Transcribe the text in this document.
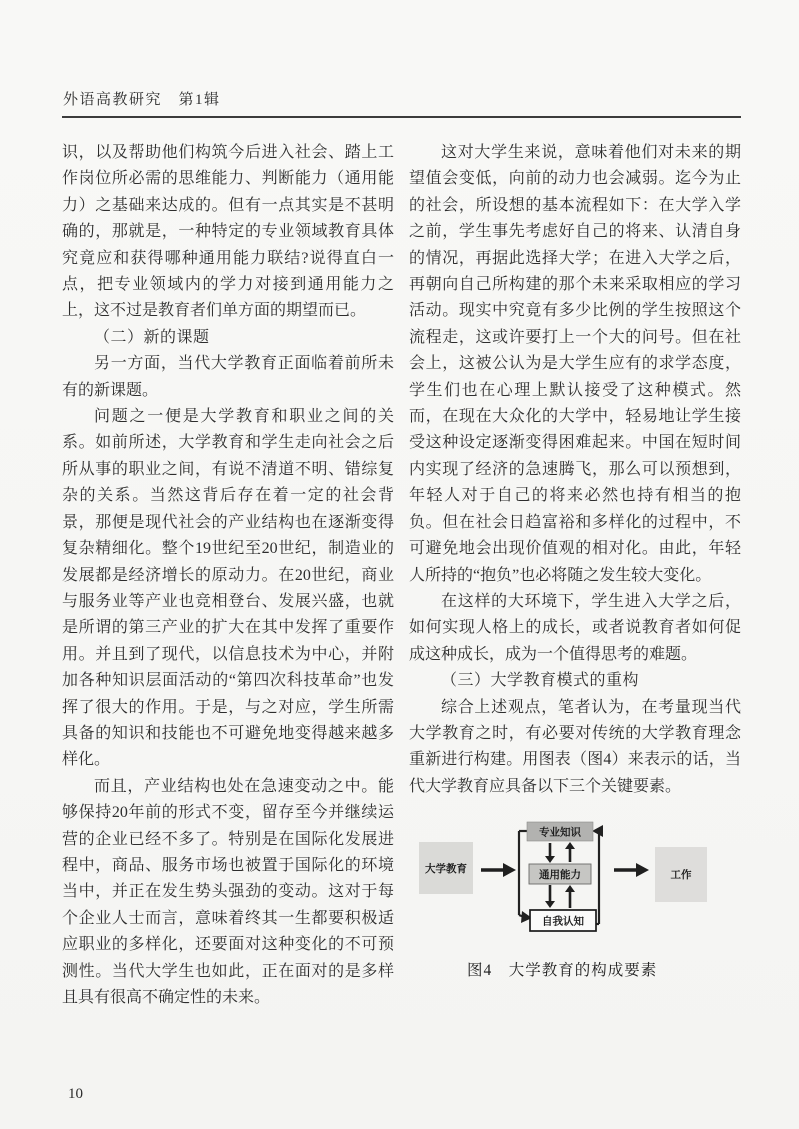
外语高教研究　第1辑

识，以及帮助他们构筑今后进入社会、踏上工作岗位所必需的思维能力、判断能力（通用能力）之基础来达成的。但有一点其实是不甚明确的，那就是，一种特定的专业领域教育具体究竟应和获得哪种通用能力联结?说得直白一点，把专业领域内的学力对接到通用能力之上，这不过是教育者们单方面的期望而已。

（二）新的课题

另一方面，当代大学教育正面临着前所未有的新课题。

问题之一便是大学教育和职业之间的关系。如前所述，大学教育和学生走向社会之后所从事的职业之间，有说不清道不明、错综复杂的关系。当然这背后存在着一定的社会背景，那便是现代社会的产业结构也在逐渐变得复杂精细化。整个19世纪至20世纪，制造业的发展都是经济增长的原动力。在20世纪，商业与服务业等产业也竞相登台、发展兴盛，也就是所谓的第三产业的扩大在其中发挥了重要作用。并且到了现代，以信息技术为中心，并附加各种知识层面活动的“第四次科技革命”也发挥了很大的作用。于是，与之对应，学生所需具备的知识和技能也不可避免地变得越来越多样化。

而且，产业结构也处在急速变动之中。能够保持20年前的形式不变，留存至今并继续运营的企业已经不多了。特别是在国际化发展进程中，商品、服务市场也被置于国际化的环境当中，并正在发生势头强劲的变动。这对于每个企业人士而言，意味着终其一生都要积极适应职业的多样化，还要面对这种变化的不可预测性。当代大学生也如此，正在面对的是多样且具有很高不确定性的未来。

这对大学生来说，意味着他们对未来的期望值会变低，向前的动力也会减弱。迄今为止的社会，所设想的基本流程如下：在大学入学之前，学生事先考虑好自己的将来、认清自身的情况，再据此选择大学；在进入大学之后，再朝向自己所构建的那个未来采取相应的学习活动。现实中究竟有多少比例的学生按照这个流程走，这或许要打上一个大的问号。但在社会上，这被公认为是大学生应有的求学态度，学生们也在心理上默认接受了这种模式。然而，在现在大众化的大学中，轻易地让学生接受这种设定逐渐变得困难起来。中国在短时间内实现了经济的急速腾飞，那么可以预想到，年轻人对于自己的将来必然也持有相当的抱负。但在社会日趋富裕和多样化的过程中，不可避免地会出现价值观的相对化。由此，年轻人所持的“抱负”也必将随之发生较大变化。

在这样的大环境下，学生进入大学之后，如何实现人格上的成长，或者说教育者如何促成这种成长，成为一个值得思考的难题。

（三）大学教育模式的重构

综合上述观点，笔者认为，在考量现当代大学教育之时，有必要对传统的大学教育理念重新进行构建。用图表（图4）来表示的话，当代大学教育应具备以下三个关键要素。

大学教育
专业知识
通用能力
自我认知
工作
图4　大学教育的构成要素
10
